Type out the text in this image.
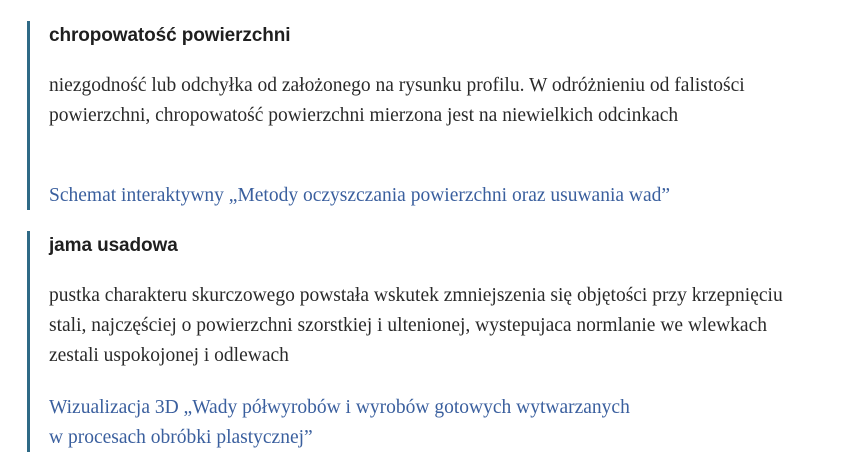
chropowatość powierzchni

niezgodność lub odchyłka od założonego na rysunku profilu. W odróżnieniu od falistości powierzchni, chropowatość powierzchni mierzona jest na niewielkich odcinkach

Schemat interaktywny „Metody oczyszczania powierzchni oraz usuwania wad”
jama usadowa

pustka charakteru skurczowego powstała wskutek zmniejszenia się objętości przy krzepnięciu stali, najczęściej o powierzchni szorstkiej i ultenionej, wystepujaca normlanie we wlewkach zestali uspokojonej i odlewach

Wizualizacja 3D „Wady półwyrobów i wyrobów gotowych wytwarzanych
w procesach obróbki plastycznej”
